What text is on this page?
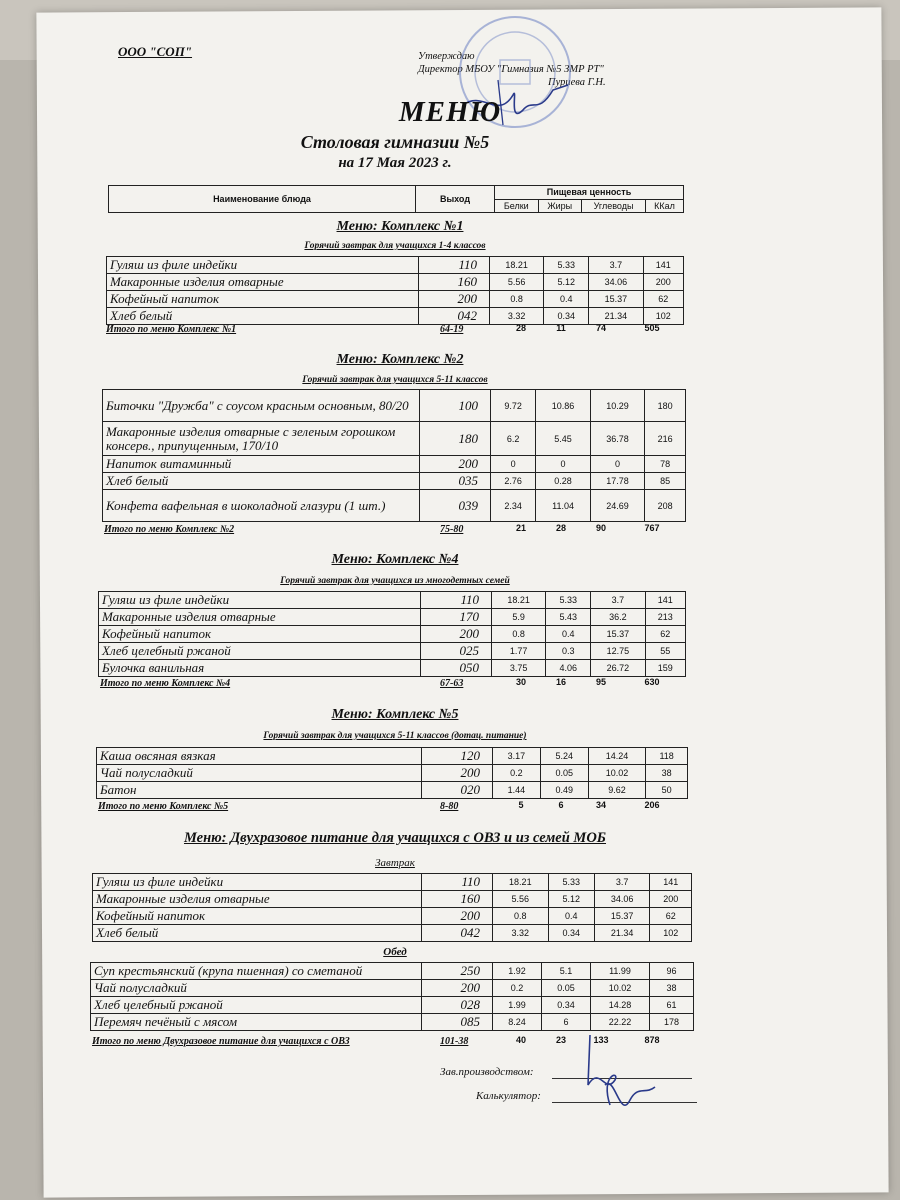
ООО "СОП"	Утверждаю
Директор МБОУ "Гимназия №5 ЗМР РТ"
Пуриева Г.Н.
МЕНЮ
Столовая гимназии №5
на 17 Мая 2023 г.
Наименование блюда	Выход	Пищевая ценность			
		Белки	Жиры	Углеводы	ККал
Меню: Комплекс №1
Горячий завтрак для учащихся 1-4 классов
Гуляш из филе индейки	110	18.21	5.33	3.7	141
Макаронные изделия отварные	160	5.56	5.12	34.06	200
Кофейный напиток	200	0.8	0.4	15.37	62
Хлеб белый	042	3.32	0.34	21.34	102
Итого по меню Комплекс №1	64-19	28	11	74	505
Меню: Комплекс №2
Горячий завтрак для учащихся 5-11 классов
Биточки "Дружба" с соусом красным основным, 80/20	100	9.72	10.86	10.29	180
Макаронные изделия отварные с зеленым горошком консерв., припущенным, 170/10	180	6.2	5.45	36.78	216
Напиток витаминный	200	0	0	0	78
Хлеб белый	035	2.76	0.28	17.78	85
Конфета вафельная в шоколадной глазури (1 шт.)	039	2.34	11.04	24.69	208
Итого по меню Комплекс №2	75-80	21	28	90	767
Меню: Комплекс №4
Горячий завтрак для учащихся из многодетных семей
Гуляш из филе индейки	110	18.21	5.33	3.7	141
Макаронные изделия отварные	170	5.9	5.43	36.2	213
Кофейный напиток	200	0.8	0.4	15.37	62
Хлеб целебный ржаной	025	1.77	0.3	12.75	55
Булочка ванильная	050	3.75	4.06	26.72	159
Итого по меню Комплекс №4	67-63	30	16	95	630
Меню: Комплекс №5
Горячий завтрак для учащихся 5-11 классов (дотац. питание)
Каша овсяная вязкая	120	3.17	5.24	14.24	118
Чай полусладкий	200	0.2	0.05	10.02	38
Батон	020	1.44	0.49	9.62	50
Итого по меню Комплекс №5	8-80	5	6	34	206
Меню: Двухразовое питание для учащихся с ОВЗ и из семей МОБ
Завтрак
Гуляш из филе индейки	110	18.21	5.33	3.7	141
Макаронные изделия отварные	160	5.56	5.12	34.06	200
Кофейный напиток	200	0.8	0.4	15.37	62
Хлеб белый	042	3.32	0.34	21.34	102
Обед
Суп крестьянский (крупа пшенная) со сметаной	250	1.92	5.1	11.99	96
Чай полусладкий	200	0.2	0.05	10.02	38
Хлеб целебный ржаной	028	1.99	0.34	14.28	61
Перемяч печёный с мясом	085	8.24	6	22.22	178
Итого по меню Двухразовое питание для учащихся с ОВЗ	101-38	40	23	133	878
Зав.производством:
Калькулятор:
